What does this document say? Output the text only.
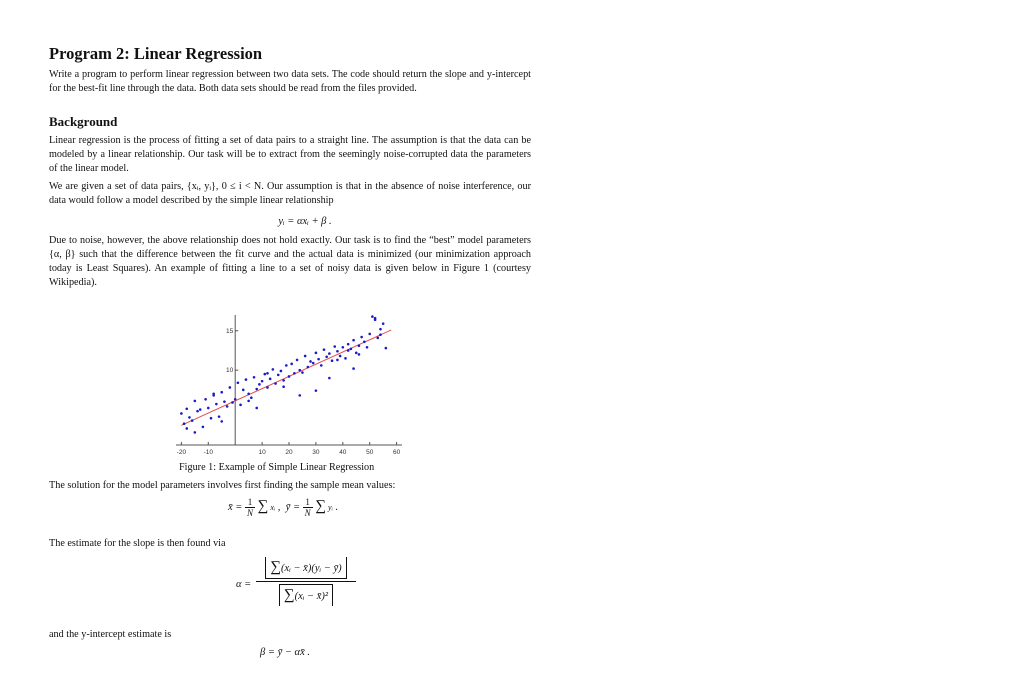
Program 2: Linear Regression

Write a program to perform linear regression between two data sets. The code should return the slope and y-intercept for the best-fit line through the data. Both data sets should be read from the files provided.

Background

Linear regression is the process of fitting a set of data pairs to a straight line. The assumption is that the data can be modeled by a linear relationship. Our task will be to extract from the seemingly noise-corrupted data the parameters of the linear model.

We are given a set of data pairs, {xᵢ, yᵢ}, 0 ≤ i < N. Our assumption is that in the absence of noise interference, our data would follow a model described by the simple linear relationship

yᵢ = αxᵢ + β .

Due to noise, however, the above relationship does not hold exactly. Our task is to find the “best” model parameters {α, β} such that the difference between the fit curve and the actual data is minimized (our minimization approach today is Least Squares). An example of fitting a line to a set of noisy data is given below in Figure 1 (courtesy Wikipedia).

-20	-10	10	20	30	40	50	60
10
15
Figure 1: Example of Simple Linear Regression
The solution for the model parameters involves first finding the sample mean values:
x̄ = $\frac{1}{N}$ ∑ xᵢ ,  ȳ = $\frac{1}{N}$ ∑ yᵢ .
The estimate for the slope is then found via
α =
∑(xᵢ − x̄)(yᵢ − ȳ)
∑(xᵢ − x̄)²
and the y-intercept estimate is
β = ȳ − αx̄ .
